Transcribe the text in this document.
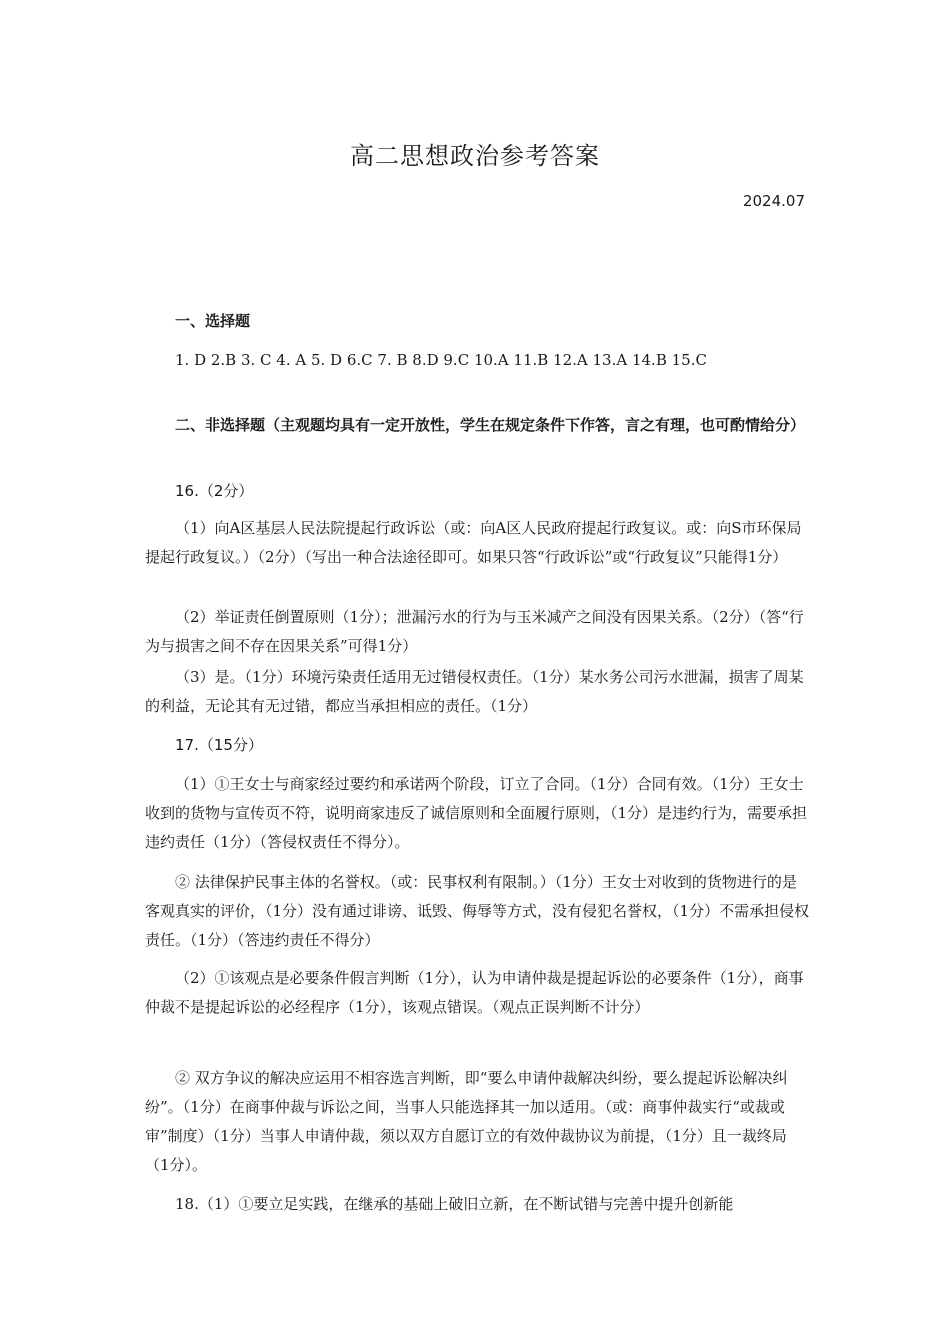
高二思想政治参考答案
2024.07
一、选择题
1. D 2.B 3. C 4. A 5. D 6.C 7. B 8.D 9.C 10.A 11.B 12.A 13.A 14.B 15.C
二、非选择题（主观题均具有一定开放性，学生在规定条件下作答，言之有理，也可酌情给分）
16.（2分）
（1）向A区基层人民法院提起行政诉讼（或：向A区人民政府提起行政复议。或：向S市环保局提起行政复议。）（2分）（写出一种合法途径即可。如果只答“行政诉讼”或“行政复议”只能得1分）
（2）举证责任倒置原则（1分）；泄漏污水的行为与玉米减产之间没有因果关系。（2分）（答“行为与损害之间不存在因果关系”可得1分）
（3）是。（1分）环境污染责任适用无过错侵权责任。（1分）某水务公司污水泄漏，损害了周某的利益，无论其有无过错，都应当承担相应的责任。（1分）
17.（15分）
（1）①王女士与商家经过要约和承诺两个阶段，订立了合同。（1分）合同有效。（1分）王女士收到的货物与宣传页不符，说明商家违反了诚信原则和全面履行原则，（1分）是违约行为，需要承担违约责任（1分）（答侵权责任不得分）。
② 法律保护民事主体的名誉权。（或：民事权利有限制。）（1分）王女士对收到的货物进行的是客观真实的评价，（1分）没有通过诽谤、诋毁、侮辱等方式，没有侵犯名誉权，（1分）不需承担侵权责任。（1分）（答违约责任不得分）
（2）①该观点是必要条件假言判断（1分），认为申请仲裁是提起诉讼的必要条件（1分），商事仲裁不是提起诉讼的必经程序（1分），该观点错误。（观点正误判断不计分）
② 双方争议的解决应运用不相容选言判断，即“要么申请仲裁解决纠纷，要么提起诉讼解决纠纷”。（1分）在商事仲裁与诉讼之间，当事人只能选择其一加以适用。（或：商事仲裁实行“或裁或审”制度）（1分）当事人申请仲裁，须以双方自愿订立的有效仲裁协议为前提，（1分）且一裁终局（1分）。
18.（1）①要立足实践，在继承的基础上破旧立新，在不断试错与完善中提升创新能
